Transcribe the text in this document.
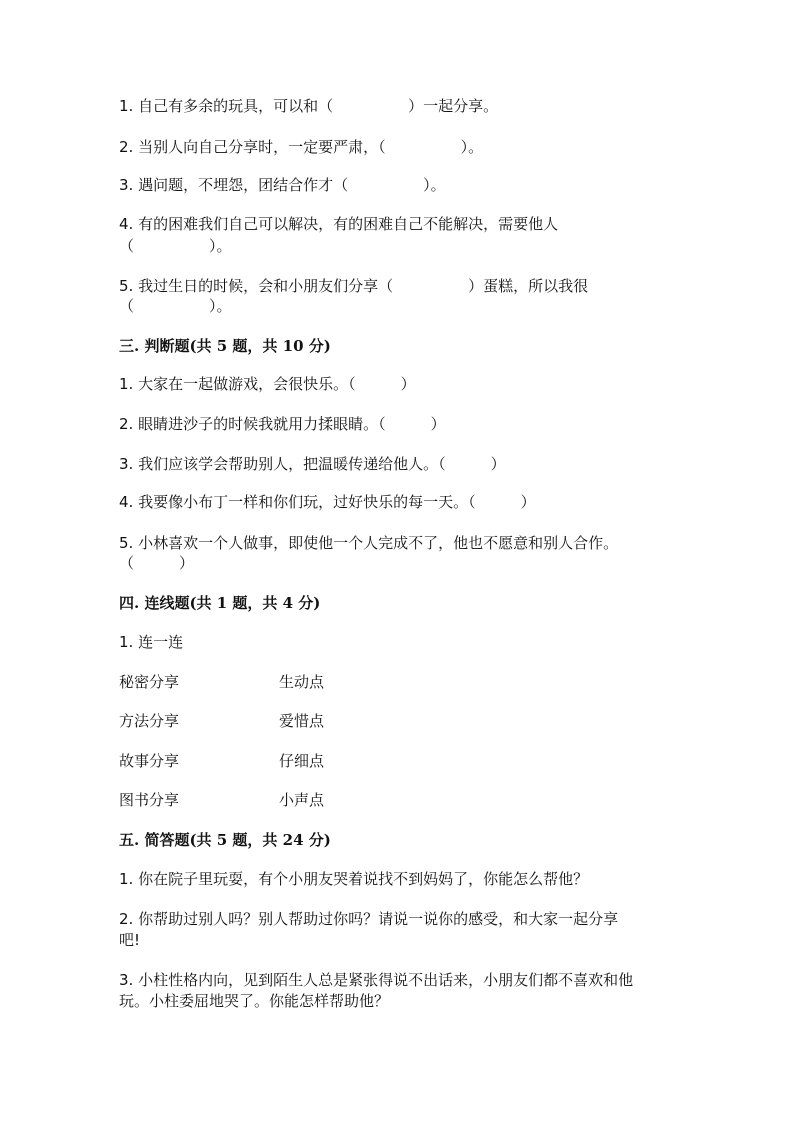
1. 自己有多余的玩具，可以和（　　　　　）一起分享。
2. 当别人向自己分享时，一定要严肃，（　　　　　）。
3. 遇问题，不埋怨，团结合作才（　　　　　）。
4. 有的困难我们自己可以解决，有的困难自己不能解决，需要他人
（　　　　　）。
5. 我过生日的时候，会和小朋友们分享（　　　　　）蛋糕，所以我很
（　　　　　）。
三. 判断题(共 5 题，共 10 分)
1. 大家在一起做游戏，会很快乐。（　　　）
2. 眼睛进沙子的时候我就用力揉眼睛。（　　　）
3. 我们应该学会帮助别人，把温暖传递给他人。（　　　）
4. 我要像小布丁一样和你们玩，过好快乐的每一天。（　　　）
5. 小林喜欢一个人做事，即使他一个人完成不了，他也不愿意和别人合作。
（　　　）
四. 连线题(共 1 题，共 4 分)
1. 连一连
秘密分享	生动点
方法分享	爱惜点
故事分享	仔细点
图书分享	小声点
五. 简答题(共 5 题，共 24 分)
1. 你在院子里玩耍，有个小朋友哭着说找不到妈妈了，你能怎么帮他？
2. 你帮助过别人吗？别人帮助过你吗？请说一说你的感受，和大家一起分享
吧!
3. 小柱性格内向，见到陌生人总是紧张得说不出话来，小朋友们都不喜欢和他
玩。小柱委屈地哭了。你能怎样帮助他？
